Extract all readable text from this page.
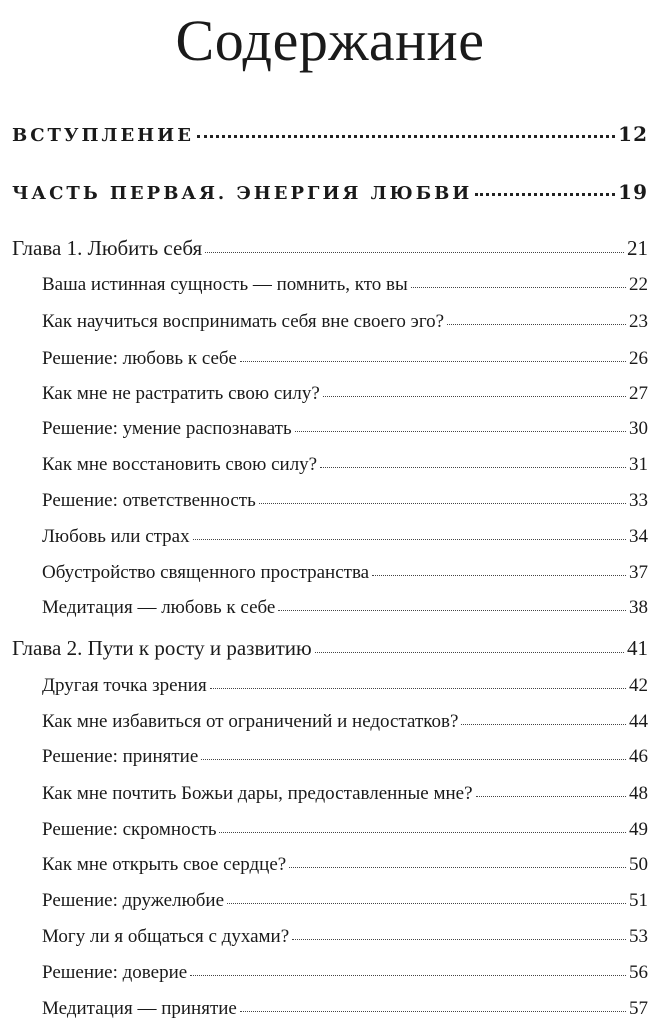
Содержание
ВСТУПЛЕНИЕ	12
ЧАСТЬ ПЕРВАЯ. ЭНЕРГИЯ ЛЮБВИ	19
Глава 1. Любить себя	21
Ваша истинная сущность — помнить, кто вы	22
Как научиться воспринимать себя вне своего эго?	23
Решение: любовь к себе	26
Как мне не растратить свою силу?	27
Решение: умение распознавать	30
Как мне восстановить свою силу?	31
Решение: ответственность	33
Любовь или страх	34
Обустройство священного пространства	37
Медитация — любовь к себе	38
Глава 2. Пути к росту и развитию	41
Другая точка зрения	42
Как мне избавиться от ограничений и недостатков?	44
Решение: принятие	46
Как мне почтить Божьи дары, предоставленные мне?	48
Решение: скромность	49
Как мне открыть свое сердце?	50
Решение: дружелюбие	51
Могу ли я общаться с духами?	53
Решение: доверие	56
Медитация — принятие	57
